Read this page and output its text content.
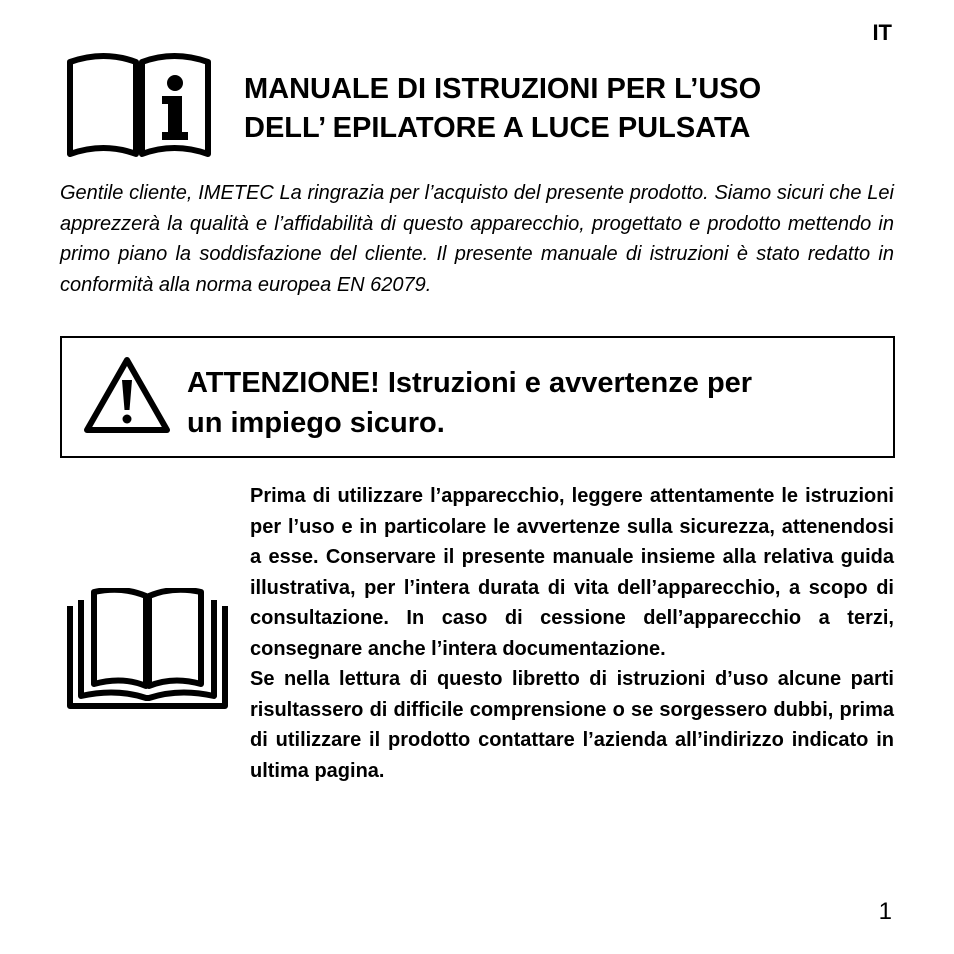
IT
MANUALE DI ISTRUZIONI PER L’USO
DELL’ EPILATORE A LUCE PULSATA

Gentile cliente, IMETEC La ringrazia per l’acquisto del presente prodotto. Siamo sicuri che Lei apprezzerà la qualità e l’affidabilità di questo apparecchio, progettato e prodotto mettendo in primo piano la soddisfazione del cliente. Il presente manuale di istruzioni è stato redatto in conformità alla norma europea EN 62079.

ATTENZIONE! Istruzioni e avvertenze per
un impiego sicuro.

Prima di utilizzare l’apparecchio, leggere attentamente le istruzioni per l’uso e in particolare le avvertenze sulla sicurezza, attenendosi a esse. Conservare il presente manuale insieme alla relativa guida illustrativa, per l’intera durata di vita dell’apparecchio, a scopo di consultazione. In caso di cessione dell’apparecchio a terzi, consegnare anche l’intera documentazione.

Se nella lettura di questo libretto di istruzioni d’uso alcune parti risultassero di difficile comprensione o se sorgessero dubbi, prima di utilizzare il prodotto contattare l’azienda all’indirizzo indicato in ultima pagina.

1
